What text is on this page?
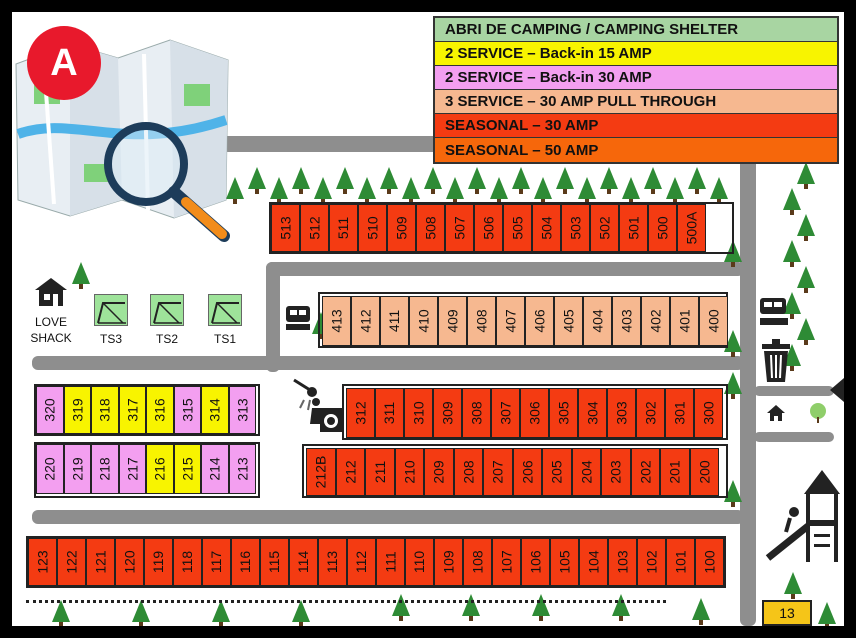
513 512 511 510 509 508 507 506 505 504 503 502 501 500 500A
413 412 411 410 409 408 407 406 405 404 403 402 401 400
312 311 310 309 308 307 306 305 304 303 302 301 300
212B 212 211 210 209 208 207 206 205 204 203 202 201 200
320 319 318 317 316 315 314 313
220 219 218 217 216 215 214 213
123 122 121 120 119 118 117 116 115 114 113 112 111 110 109 108 107 106 105 104 103 102 101 100
A
ABRI DE CAMPING / CAMPING SHELTER
2 SERVICE – Back-in 15 AMP
2 SERVICE – Back-in 30 AMP
3 SERVICE – 30 AMP PULL THROUGH
SEASONAL – 30 AMP
SEASONAL – 50 AMP
LOVE
SHACK	TS3	TS2	TS1
13
